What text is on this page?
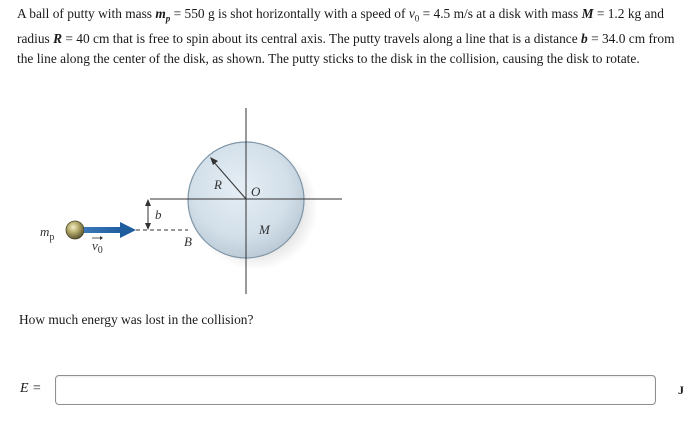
A ball of putty with mass $m_p = 550$ g is shot horizontally with a speed of $v_0 = 4.5$ m/s at a disk with mass M = 1.2 kg and radius R = 40 cm that is free to spin about its central axis. The putty travels along a line that is a distance b = 34.0 cm from the line along the center of the disk, as shown. The putty sticks to the disk in the collision, causing the disk to rotate.

$m_p$
$v_0$
b
B
R O
M

How much energy was lost in the collision?

E =	J
